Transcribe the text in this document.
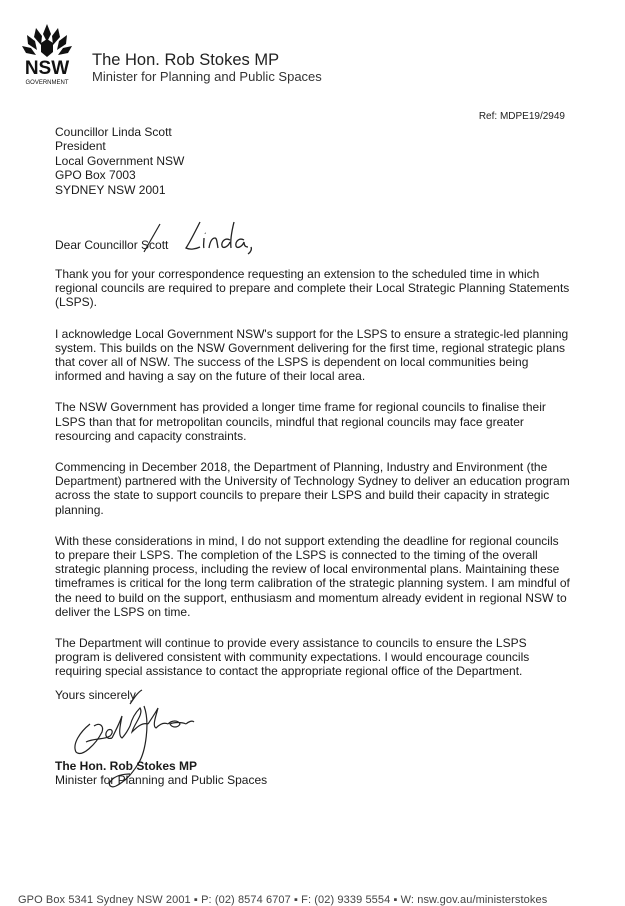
NSW
GOVERNMENT
The Hon. Rob Stokes MP
Minister for Planning and Public Spaces
Ref: MDPE19/2949
Councillor Linda Scott
President
Local Government NSW
GPO Box 7003
SYDNEY NSW 2001
Dear Councillor Scott

Thank you for your correspondence requesting an extension to the scheduled time in which regional councils are required to prepare and complete their Local Strategic Planning Statements (LSPS).

I acknowledge Local Government NSW's support for the LSPS to ensure a strategic-led planning system. This builds on the NSW Government delivering for the first time, regional strategic plans that cover all of NSW. The success of the LSPS is dependent on local communities being informed and having a say on the future of their local area.

The NSW Government has provided a longer time frame for regional councils to finalise their LSPS than that for metropolitan councils, mindful that regional councils may face greater resourcing and capacity constraints.

Commencing in December 2018, the Department of Planning, Industry and Environment (the Department) partnered with the University of Technology Sydney to deliver an education program across the state to support councils to prepare their LSPS and build their capacity in strategic planning.

With these considerations in mind, I do not support extending the deadline for regional councils to prepare their LSPS. The completion of the LSPS is connected to the timing of the overall strategic planning process, including the review of local environmental plans. Maintaining these timeframes is critical for the long term calibration of the strategic planning system. I am mindful of the need to build on the support, enthusiasm and momentum already evident in regional NSW to deliver the LSPS on time.

The Department will continue to provide every assistance to councils to ensure the LSPS program is delivered consistent with community expectations. I would encourage councils requiring special assistance to contact the appropriate regional office of the Department.

Yours sincerely
The Hon. Rob Stokes MP
Minister for Planning and Public Spaces
GPO Box 5341 Sydney NSW 2001 ▪ P: (02) 8574 6707 ▪ F: (02) 9339 5554 ▪ W: nsw.gov.au/ministerstokes
